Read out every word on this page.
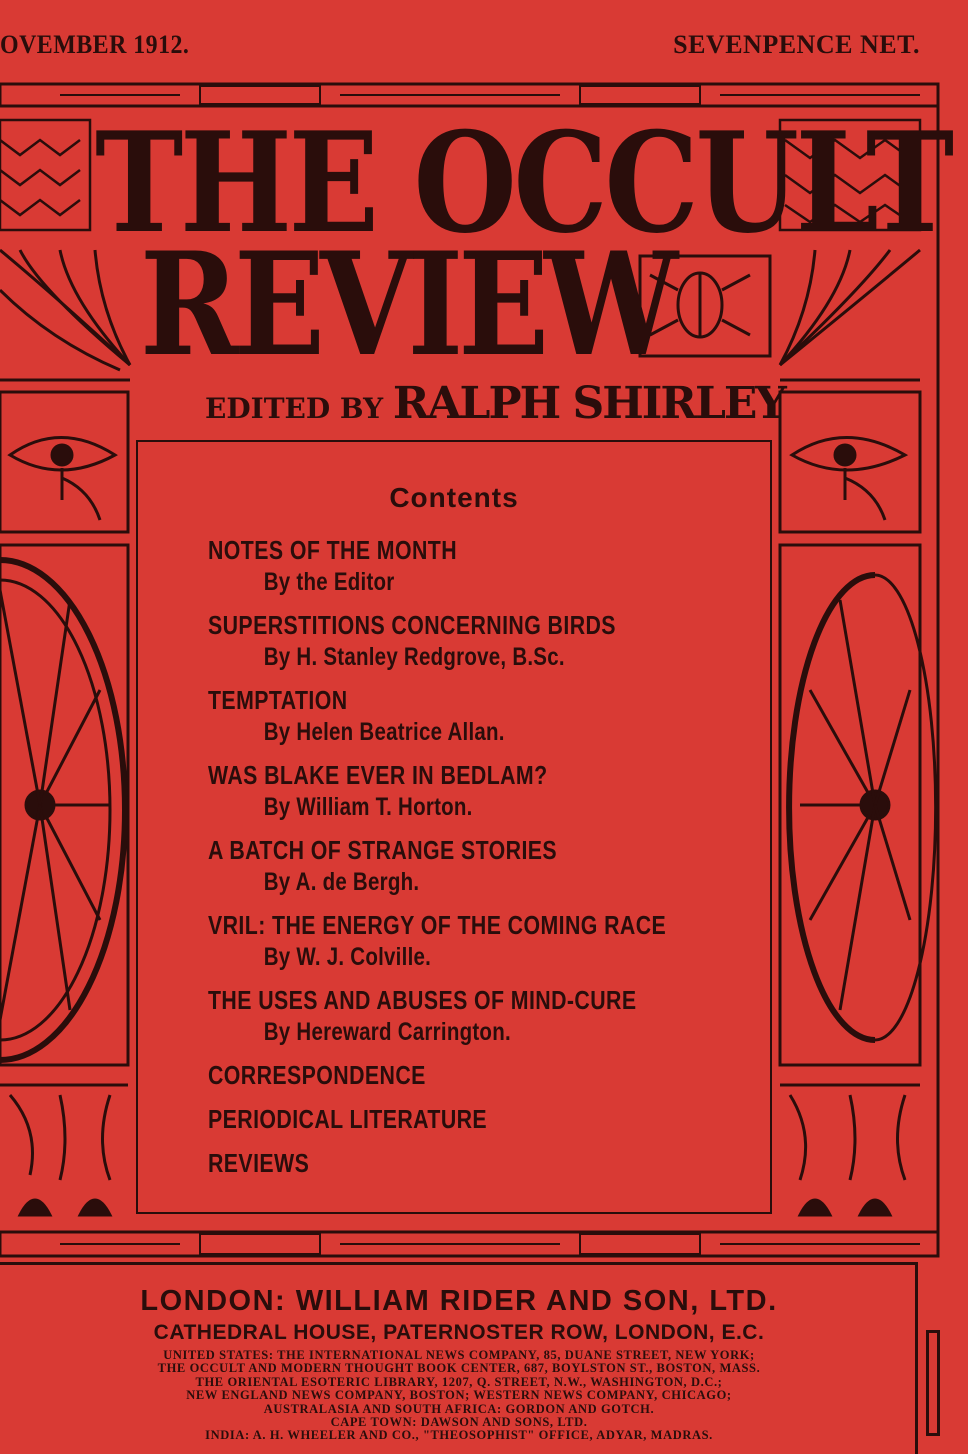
OVEMBER 1912.	SEVENPENCE NET.
THE OCCULT
REVIEW
EDITED BY RALPH SHIRLEY
Contents
NOTES OF THE MONTH
By the Editor
SUPERSTITIONS CONCERNING BIRDS
By H. Stanley Redgrove, B.Sc.
TEMPTATION
By Helen Beatrice Allan.
WAS BLAKE EVER IN BEDLAM?
By William T. Horton.
A BATCH OF STRANGE STORIES
By A. de Bergh.
VRIL: THE ENERGY OF THE COMING RACE
By W. J. Colville.
THE USES AND ABUSES OF MIND-CURE
By Hereward Carrington.
CORRESPONDENCE
PERIODICAL LITERATURE
REVIEWS
LONDON: WILLIAM RIDER AND SON, LTD.
CATHEDRAL HOUSE, PATERNOSTER ROW, LONDON, E.C.
UNITED STATES: THE INTERNATIONAL NEWS COMPANY, 85, DUANE STREET, NEW YORK;
THE OCCULT AND MODERN THOUGHT BOOK CENTER, 687, BOYLSTON ST., BOSTON, MASS.
THE ORIENTAL ESOTERIC LIBRARY, 1207, Q. STREET, N.W., WASHINGTON, D.C.;
NEW ENGLAND NEWS COMPANY, BOSTON; WESTERN NEWS COMPANY, CHICAGO;
AUSTRALASIA AND SOUTH AFRICA: GORDON AND GOTCH.
CAPE TOWN: DAWSON AND SONS, LTD.
INDIA: A. H. WHEELER AND CO., "THEOSOPHIST" OFFICE, ADYAR, MADRAS.
